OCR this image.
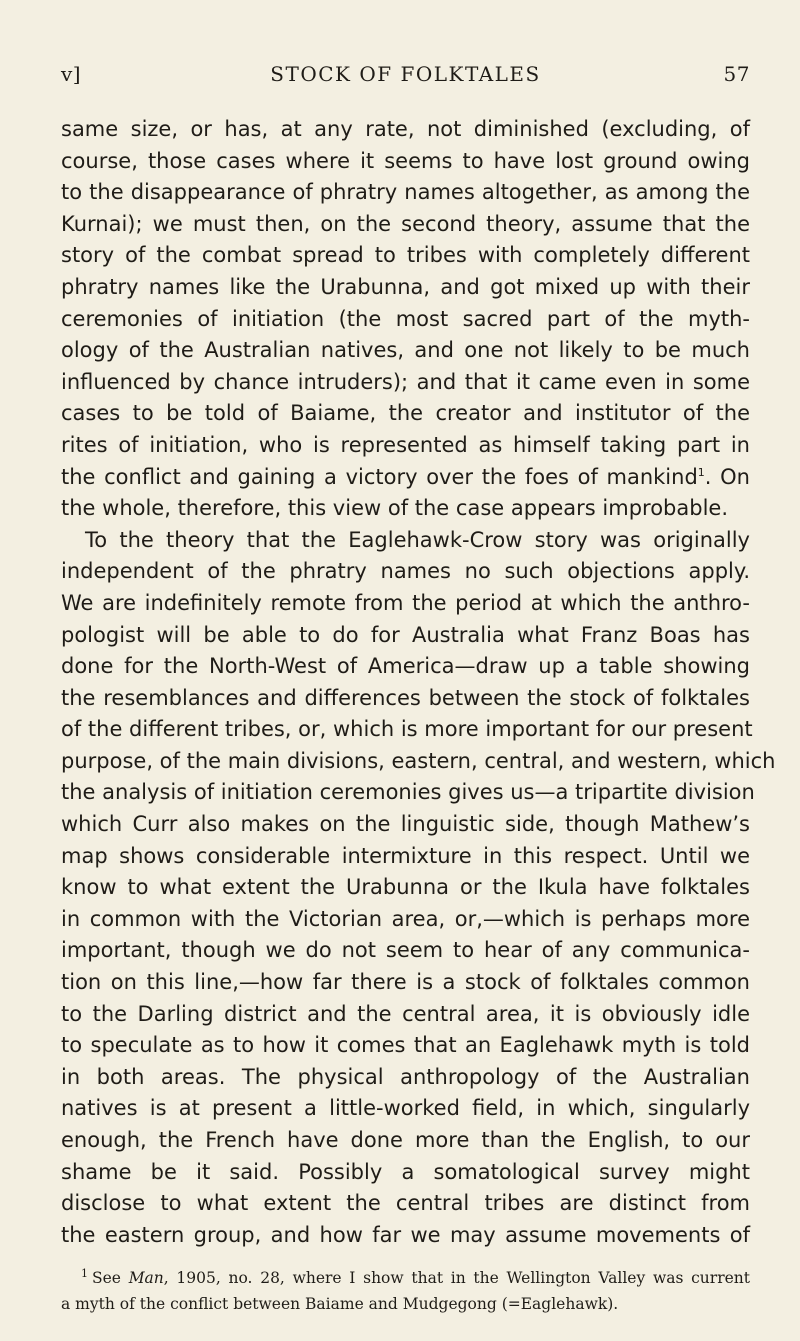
v]	STOCK OF FOLKTALES	57
same size, or has, at any rate, not diminished (excluding, of
course, those cases where it seems to have lost ground owing
to the disappearance of phratry names altogether, as among the
Kurnai); we must then, on the second theory, assume that the
story of the combat spread to tribes with completely different
phratry names like the Urabunna, and got mixed up with their
ceremonies of initiation (the most sacred part of the myth-
ology of the Australian natives, and one not likely to be much
influenced by chance intruders); and that it came even in some
cases to be told of Baiame, the creator and institutor of the
rites of initiation, who is represented as himself taking part in
the conflict and gaining a victory over the foes of mankind$^1$. On
the whole, therefore, this view of the case appears improbable.
To the theory that the Eaglehawk-Crow story was originally
independent of the phratry names no such objections apply.
We are indefinitely remote from the period at which the anthro-
pologist will be able to do for Australia what Franz Boas has
done for the North-West of America—draw up a table showing
the resemblances and differences between the stock of folktales
of the different tribes, or, which is more important for our present
purpose, of the main divisions, eastern, central, and western, which
the analysis of initiation ceremonies gives us—a tripartite division
which Curr also makes on the linguistic side, though Mathew’s
map shows considerable intermixture in this respect. Until we
know to what extent the Urabunna or the Ikula have folktales
in common with the Victorian area, or,—which is perhaps more
important, though we do not seem to hear of any communica-
tion on this line,—how far there is a stock of folktales common
to the Darling district and the central area, it is obviously idle
to speculate as to how it comes that an Eaglehawk myth is told
in both areas. The physical anthropology of the Australian
natives is at present a little-worked field, in which, singularly
enough, the French have done more than the English, to our
shame be it said. Possibly a somatological survey might
disclose to what extent the central tribes are distinct from
the eastern group, and how far we may assume movements of
$^1$ See Man, 1905, no. 28, where I show that in the Wellington Valley was current
a myth of the conflict between Baiame and Mudgegong (=Eaglehawk).
